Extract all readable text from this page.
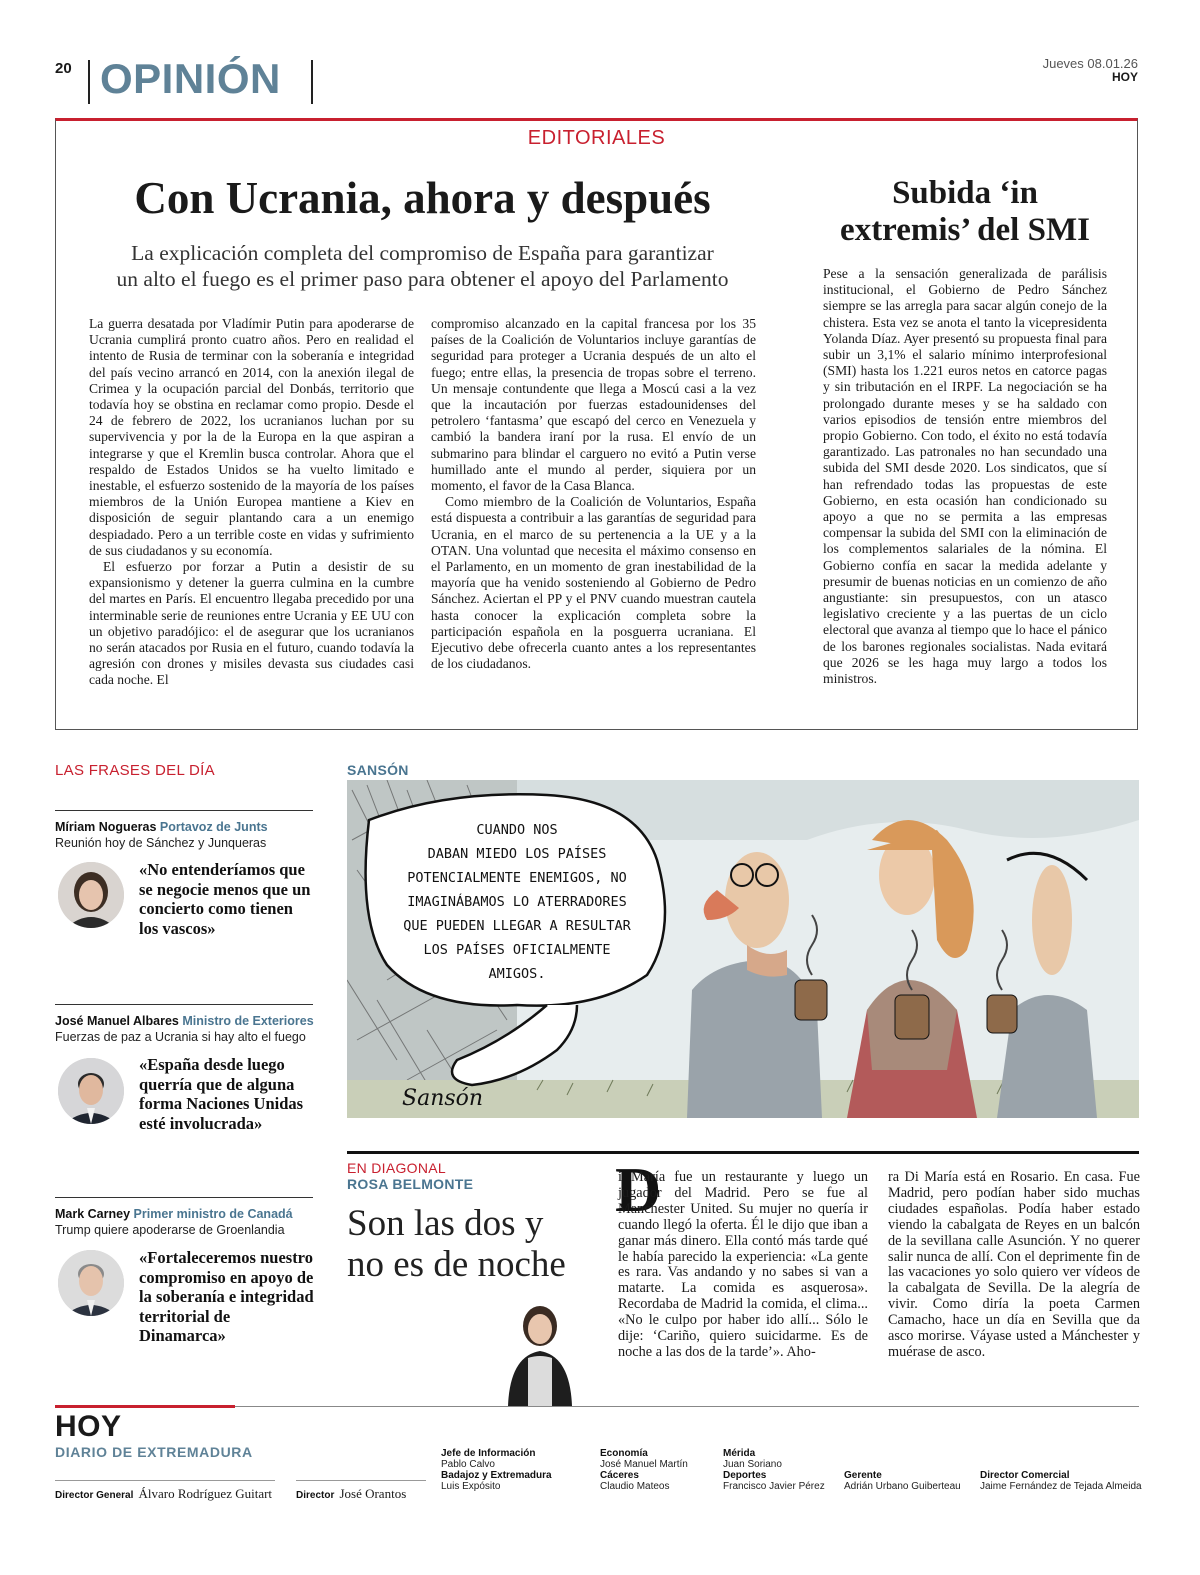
20 OPINIÓN	Jueves 08.01.26
HOY
EDITORIALES
Con Ucrania, ahora y después
La explicación completa del compromiso de España para garantizar
un alto el fuego es el primer paso para obtener el apoyo del Parlamento

La guerra desatada por Vladímir Putin para apoderarse de Ucrania cumplirá pronto cuatro años. Pero en realidad el intento de Rusia de terminar con la soberanía e integridad del país vecino arrancó en 2014, con la anexión ilegal de Crimea y la ocupación parcial del Donbás, territorio que todavía hoy se obstina en reclamar como propio. Desde el 24 de febrero de 2022, los ucranianos luchan por su supervivencia y por la de la Europa en la que aspiran a integrarse y que el Kremlin busca controlar. Ahora que el respaldo de Estados Unidos se ha vuelto limitado e inestable, el esfuerzo sostenido de la mayoría de los países miembros de la Unión Europea mantiene a Kiev en disposición de seguir plantando cara a un enemigo despiadado. Pero a un terrible coste en vidas y sufrimiento de sus ciudadanos y su economía.

El esfuerzo por forzar a Putin a desistir de su expansionismo y detener la guerra culmina en la cumbre del martes en París. El encuentro llegaba precedido por una interminable serie de reuniones entre Ucrania y EE UU con un objetivo paradójico: el de asegurar que los ucranianos no serán atacados por Rusia en el futuro, cuando todavía la agresión con drones y misiles devasta sus ciudades casi cada noche. El

compromiso alcanzado en la capital francesa por los 35 países de la Coalición de Voluntarios incluye garantías de seguridad para proteger a Ucrania después de un alto el fuego; entre ellas, la presencia de tropas sobre el terreno. Un mensaje contundente que llega a Moscú casi a la vez que la incautación por fuerzas estadounidenses del petrolero ‘fantasma’ que escapó del cerco en Venezuela y cambió la bandera iraní por la rusa. El envío de un submarino para blindar el carguero no evitó a Putin verse humillado ante el mundo al perder, siquiera por un momento, el favor de la Casa Blanca.

Como miembro de la Coalición de Voluntarios, España está dispuesta a contribuir a las garantías de seguridad para Ucrania, en el marco de su pertenencia a la UE y a la OTAN. Una voluntad que necesita el máximo consenso en el Parlamento, en un momento de gran inestabilidad de la mayoría que ha venido sosteniendo al Gobierno de Pedro Sánchez. Aciertan el PP y el PNV cuando muestran cautela hasta conocer la explicación completa sobre la participación española en la posguerra ucraniana. El Ejecutivo debe ofrecerla cuanto antes a los representantes de los ciudadanos.

Subida ‘in
extremis’ del SMI

Pese a la sensación generalizada de parálisis institucional, el Gobierno de Pedro Sánchez siempre se las arregla para sacar algún conejo de la chistera. Esta vez se anota el tanto la vicepresidenta Yolanda Díaz. Ayer presentó su propuesta final para subir un 3,1% el salario mínimo interprofesional (SMI) hasta los 1.221 euros netos en catorce pagas y sin tributación en el IRPF. La negociación se ha prolongado durante meses y se ha saldado con varios episodios de tensión entre miembros del propio Gobierno. Con todo, el éxito no está todavía garantizado. Las patronales no han secundado una subida del SMI desde 2020. Los sindicatos, que sí han refrendado todas las propuestas de este Gobierno, en esta ocasión han condicionado su apoyo a que no se permita a las empresas compensar la subida del SMI con la eliminación de los complementos salariales de la nómina. El Gobierno confía en sacar la medida adelante y presumir de buenas noticias en un comienzo de año angustiante: sin presupuestos, con un atasco legislativo creciente y a las puertas de un ciclo electoral que avanza al tiempo que lo hace el pánico de los barones regionales socialistas. Nada evitará que 2026 se les haga muy largo a todos los ministros.

LAS FRASES DEL DÍA
Míriam Nogueras Portavoz de Junts
Reunión hoy de Sánchez y Junqueras
«No entenderíamos que se negocie menos que un concierto como tienen los vascos»
José Manuel Albares Ministro de Exteriores
Fuerzas de paz a Ucrania si hay alto el fuego
«España desde luego querría que de alguna forma Naciones Unidas esté involucrada»
Mark Carney Primer ministro de Canadá
Trump quiere apoderarse de Groenlandia
«Fortaleceremos nuestro compromiso en apoyo de la soberanía e integridad territorial de Dinamarca»
SANSÓN
Sansón
CUANDO NOS
DABAN MIEDO LOS PAÍSES
POTENCIALMENTE ENEMIGOS, NO
IMAGINÁBAMOS LO ATERRADORES
QUE PUEDEN LLEGAR A RESULTAR
LOS PAÍSES OFICIALMENTE
AMIGOS.
EN DIAGONAL
ROSA BELMONTE
Son las dos y
no es de noche
D

i María fue un restaurante y luego un jugador del Madrid. Pero se fue al Manchester United. Su mujer no quería ir cuando llegó la oferta. Él le dijo que iban a ganar más dinero. Ella contó más tarde qué le había parecido la experiencia: «La gente es rara. Vas andando y no sabes si van a matarte. La comida es asquerosa». Recordaba de Madrid la comida, el clima... «No le culpo por haber ido allí... Sólo le dije: ‘Cariño, quiero suicidarme. Es de noche a las dos de la tarde’». Aho-

ra Di María está en Rosario. En casa. Fue Madrid, pero podían haber sido muchas ciudades españolas. Podía haber estado viendo la cabalgata de Reyes en un balcón de la sevillana calle Asunción. Y no querer salir nunca de allí. Con el deprimente fin de las vacaciones yo solo quiero ver vídeos de la cabalgata de Sevilla. De la alegría de vivir. Como diría la poeta Carmen Camacho, hace un día en Sevilla que da asco morirse. Váyase usted a Mánchester y muérase de asco.

HOY
DIARIO DE EXTREMADURA
Director General Álvaro Rodríguez Guitart Director José Orantos
Jefe de Información
Pablo Calvo
Badajoz y Extremadura
Luis Expósito
Economía
José Manuel Martín
Cáceres
Claudio Mateos
Mérida
Juan Soriano
Deportes
Francisco Javier Pérez
Gerente
Adrián Urbano Guiberteau
Director Comercial
Jaime Fernández de Tejada Almeida
